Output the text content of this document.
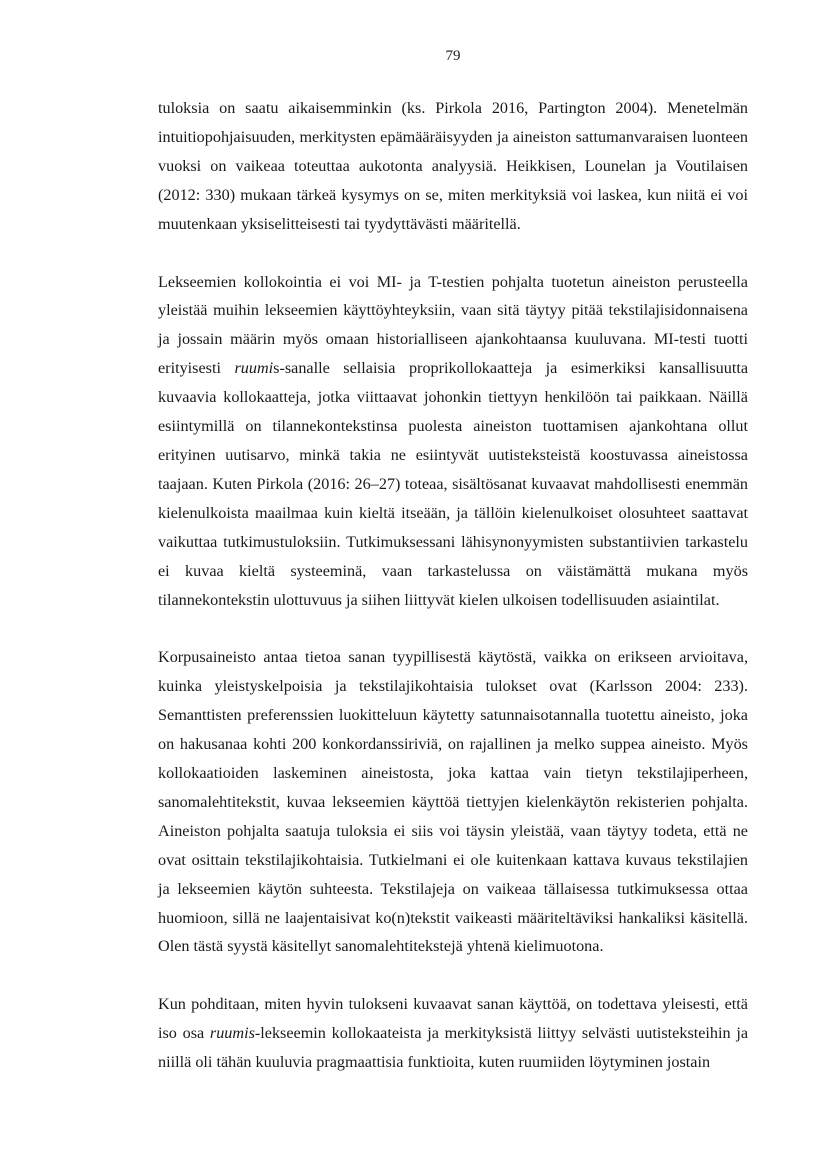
79

tuloksia on saatu aikaisemminkin (ks. Pirkola 2016, Partington 2004). Menetelmän intuitiopohjaisuuden, merkitysten epämääräisyyden ja aineiston sattumanvaraisen luonteen vuoksi on vaikeaa toteuttaa aukotonta analyysiä. Heikkisen, Lounelan ja Voutilaisen (2012: 330) mukaan tärkeä kysymys on se, miten merkityksiä voi laskea, kun niitä ei voi muutenkaan yksiselitteisesti tai tyydyttävästi määritellä.

Lekseemien kollokointia ei voi MI- ja T-testien pohjalta tuotetun aineiston perusteella yleistää muihin lekseemien käyttöyhteyksiin, vaan sitä täytyy pitää tekstilajisidonnaisena ja jossain määrin myös omaan historialliseen ajankohtaansa kuuluvana. MI-testi tuotti erityisesti ruumis-sanalle sellaisia proprikollokaatteja ja esimerkiksi kansallisuutta kuvaavia kollokaatteja, jotka viittaavat johonkin tiettyyn henkilöön tai paikkaan. Näillä esiintymillä on tilannekontekstinsa puolesta aineiston tuottamisen ajankohtana ollut erityinen uutisarvo, minkä takia ne esiintyvät uutisteksteistä koostuvassa aineistossa taajaan. Kuten Pirkola (2016: 26–27) toteaa, sisältösanat kuvaavat mahdollisesti enemmän kielenulkoista maailmaa kuin kieltä itseään, ja tällöin kielenulkoiset olosuhteet saattavat vaikuttaa tutkimustuloksiin. Tutkimuksessani lähisynonyymisten substantiivien tarkastelu ei kuvaa kieltä systeeminä, vaan tarkastelussa on väistämättä mukana myös tilannekontekstin ulottuvuus ja siihen liittyvät kielen ulkoisen todellisuuden asiaintilat.

Korpusaineisto antaa tietoa sanan tyypillisestä käytöstä, vaikka on erikseen arvioitava, kuinka yleistyskelpoisia ja tekstilajikohtaisia tulokset ovat (Karlsson 2004: 233). Semanttisten preferenssien luokitteluun käytetty satunnaisotannalla tuotettu aineisto, joka on hakusanaa kohti 200 konkordanssiriviä, on rajallinen ja melko suppea aineisto. Myös kollokaatioiden laskeminen aineistosta, joka kattaa vain tietyn tekstilajiperheen, sanomalehtitekstit, kuvaa lekseemien käyttöä tiettyjen kielenkäytön rekisterien pohjalta. Aineiston pohjalta saatuja tuloksia ei siis voi täysin yleistää, vaan täytyy todeta, että ne ovat osittain tekstilajikohtaisia. Tutkielmani ei ole kuitenkaan kattava kuvaus tekstilajien ja lekseemien käytön suhteesta. Tekstilajeja on vaikeaa tällaisessa tutkimuksessa ottaa huomioon, sillä ne laajentaisivat ko(n)tekstit vaikeasti määriteltäviksi hankaliksi käsitellä. Olen tästä syystä käsitellyt sanomalehtitekstejä yhtenä kielimuotona.

Kun pohditaan, miten hyvin tulokseni kuvaavat sanan käyttöä, on todettava yleisesti, että iso osa ruumis-lekseemin kollokaateista ja merkityksistä liittyy selvästi uutisteksteihin ja niillä oli tähän kuuluvia pragmaattisia funktioita, kuten ruumiiden löytyminen jostain
